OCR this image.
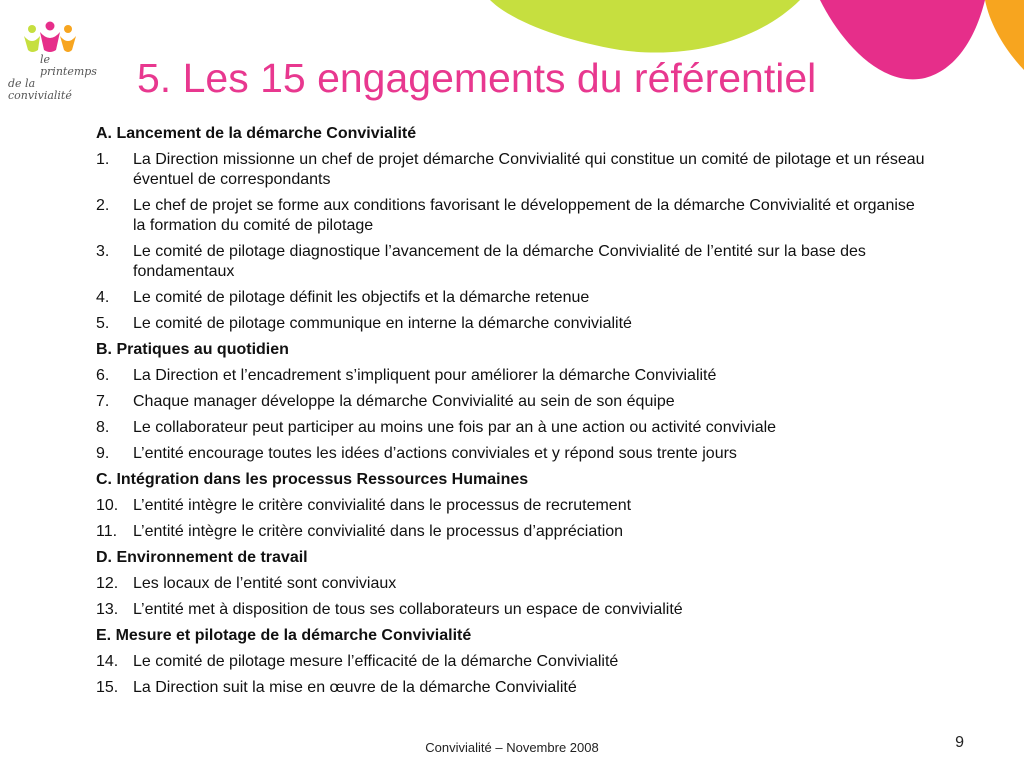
le printemps
de la convivialité	5. Les 15 engagements du référentiel
A. Lancement de la démarche Convivialité
1.	La Direction missionne un chef de projet démarche Convivialité qui constitue un comité de pilotage et un réseau éventuel de correspondants
2.	Le chef de projet se forme aux conditions favorisant le développement de la démarche Convivialité et organise la formation du comité de pilotage
3.	Le comité de pilotage diagnostique l’avancement de la démarche Convivialité de l’entité sur la base des fondamentaux
4.	Le comité de pilotage définit les objectifs et la démarche retenue
5.	Le comité de pilotage communique en interne la démarche convivialité
B. Pratiques au quotidien
6.	La Direction et l’encadrement s’impliquent pour améliorer la démarche Convivialité
7.	Chaque manager développe la démarche Convivialité au sein de son équipe
8.	Le collaborateur peut participer au moins une fois par an à une action ou activité conviviale
9.	L’entité encourage toutes les idées d’actions conviviales et y répond sous trente jours
C. Intégration dans les processus Ressources Humaines
10. L’entité intègre le critère convivialité dans le processus de recrutement
11. L’entité intègre le critère convivialité dans le processus d’appréciation
D. Environnement de travail
12. Les locaux de l’entité sont conviviaux
13. L’entité met à disposition de tous ses collaborateurs un espace de convivialité
E. Mesure et pilotage de la démarche Convivialité
14. Le comité de pilotage mesure l’efficacité de la démarche Convivialité
15. La Direction suit la mise en œuvre de la démarche Convivialité
Convivialité – Novembre 2008	9
